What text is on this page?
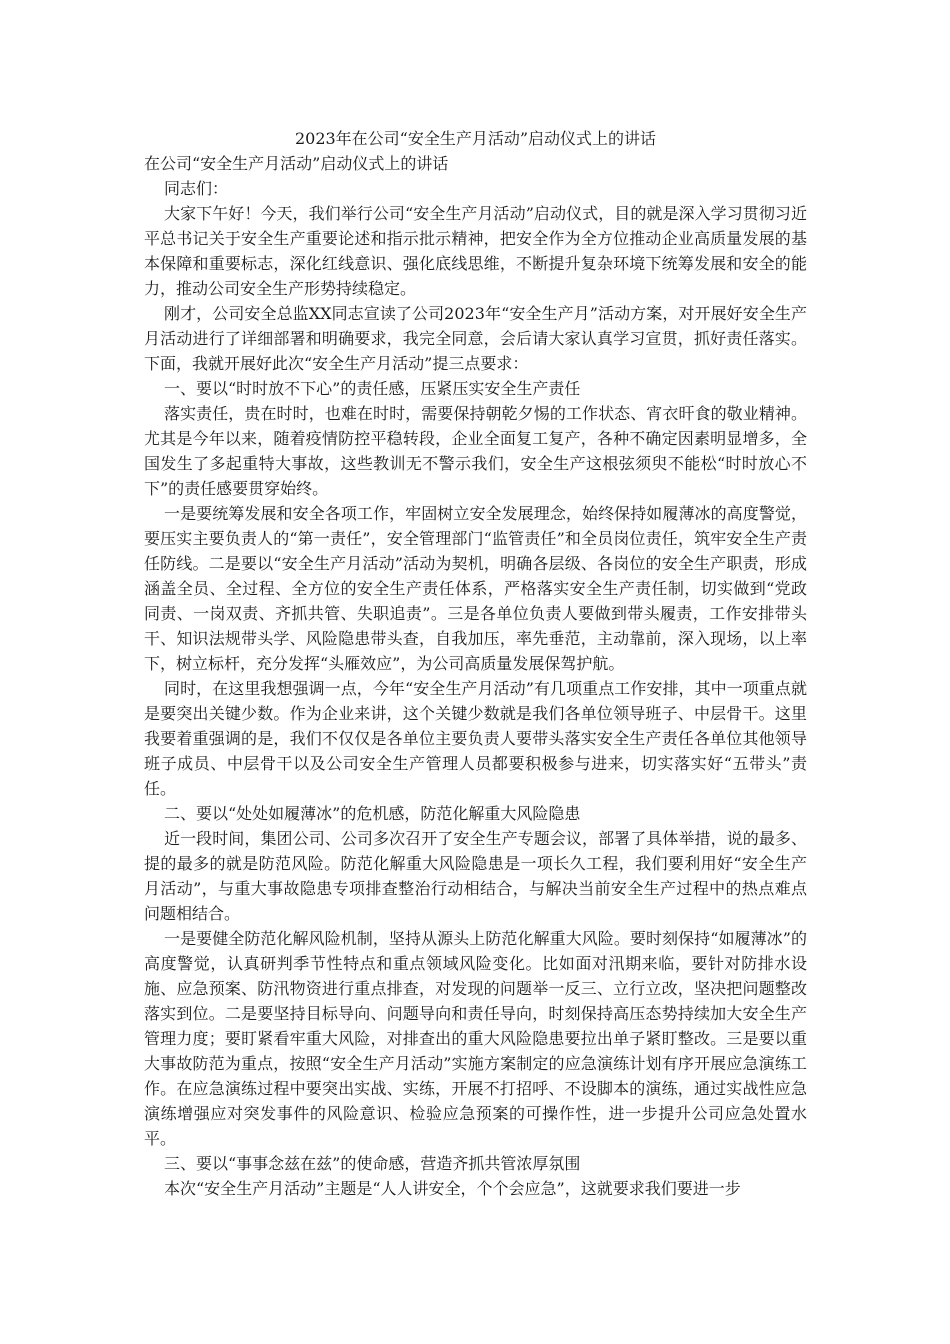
2023年在公司“安全生产月活动”启动仪式上的讲话
在公司“安全生产月活动”启动仪式上的讲话

同志们：

大家下午好！今天，我们举行公司“安全生产月活动”启动仪式，目的就是深入学习贯彻习近平总书记关于安全生产重要论述和指示批示精神，把安全作为全方位推动企业高质量发展的基本保障和重要标志，深化红线意识、强化底线思维，不断提升复杂环境下统筹发展和安全的能力，推动公司安全生产形势持续稳定。

刚才，公司安全总监XX同志宣读了公司2023年“安全生产月”活动方案，对开展好安全生产月活动进行了详细部署和明确要求，我完全同意，会后请大家认真学习宣贯，抓好责任落实。下面，我就开展好此次“安全生产月活动”提三点要求：

一、要以“时时放不下心”的责任感，压紧压实安全生产责任

落实责任，贵在时时，也难在时时，需要保持朝乾夕惕的工作状态、宵衣旰食的敬业精神。尤其是今年以来，随着疫情防控平稳转段，企业全面复工复产，各种不确定因素明显增多，全国发生了多起重特大事故，这些教训无不警示我们，安全生产这根弦须臾不能松“时时放心不下”的责任感要贯穿始终。

一是要统筹发展和安全各项工作，牢固树立安全发展理念，始终保持如履薄冰的高度警觉，要压实主要负责人的“第一责任”，安全管理部门“监管责任”和全员岗位责任，筑牢安全生产责任防线。二是要以“安全生产月活动”活动为契机，明确各层级、各岗位的安全生产职责，形成涵盖全员、全过程、全方位的安全生产责任体系，严格落实安全生产责任制，切实做到“党政同责、一岗双责、齐抓共管、失职追责”。三是各单位负责人要做到带头履责，工作安排带头干、知识法规带头学、风险隐患带头查，自我加压，率先垂范，主动靠前，深入现场，以上率下，树立标杆，充分发挥“头雁效应”，为公司高质量发展保驾护航。

同时，在这里我想强调一点，今年“安全生产月活动”有几项重点工作安排，其中一项重点就是要突出关键少数。作为企业来讲，这个关键少数就是我们各单位领导班子、中层骨干。这里我要着重强调的是，我们不仅仅是各单位主要负责人要带头落实安全生产责任各单位其他领导班子成员、中层骨干以及公司安全生产管理人员都要积极参与进来，切实落实好“五带头”责任。

二、要以“处处如履薄冰”的危机感，防范化解重大风险隐患

近一段时间，集团公司、公司多次召开了安全生产专题会议，部署了具体举措，说的最多、提的最多的就是防范风险。防范化解重大风险隐患是一项长久工程，我们要利用好“安全生产月活动”，与重大事故隐患专项排查整治行动相结合，与解决当前安全生产过程中的热点难点问题相结合。

一是要健全防范化解风险机制，坚持从源头上防范化解重大风险。要时刻保持“如履薄冰”的高度警觉，认真研判季节性特点和重点领域风险变化。比如面对汛期来临，要针对防排水设施、应急预案、防汛物资进行重点排查，对发现的问题举一反三、立行立改，坚决把问题整改落实到位。二是要坚持目标导向、问题导向和责任导向，时刻保持高压态势持续加大安全生产管理力度；要盯紧看牢重大风险，对排查出的重大风险隐患要拉出单子紧盯整改。三是要以重大事故防范为重点，按照“安全生产月活动”实施方案制定的应急演练计划有序开展应急演练工作。在应急演练过程中要突出实战、实练，开展不打招呼、不设脚本的演练，通过实战性应急演练增强应对突发事件的风险意识、检验应急预案的可操作性，进一步提升公司应急处置水平。

三、要以“事事念兹在兹”的使命感，营造齐抓共管浓厚氛围

本次“安全生产月活动”主题是“人人讲安全，个个会应急”，这就要求我们要进一步
